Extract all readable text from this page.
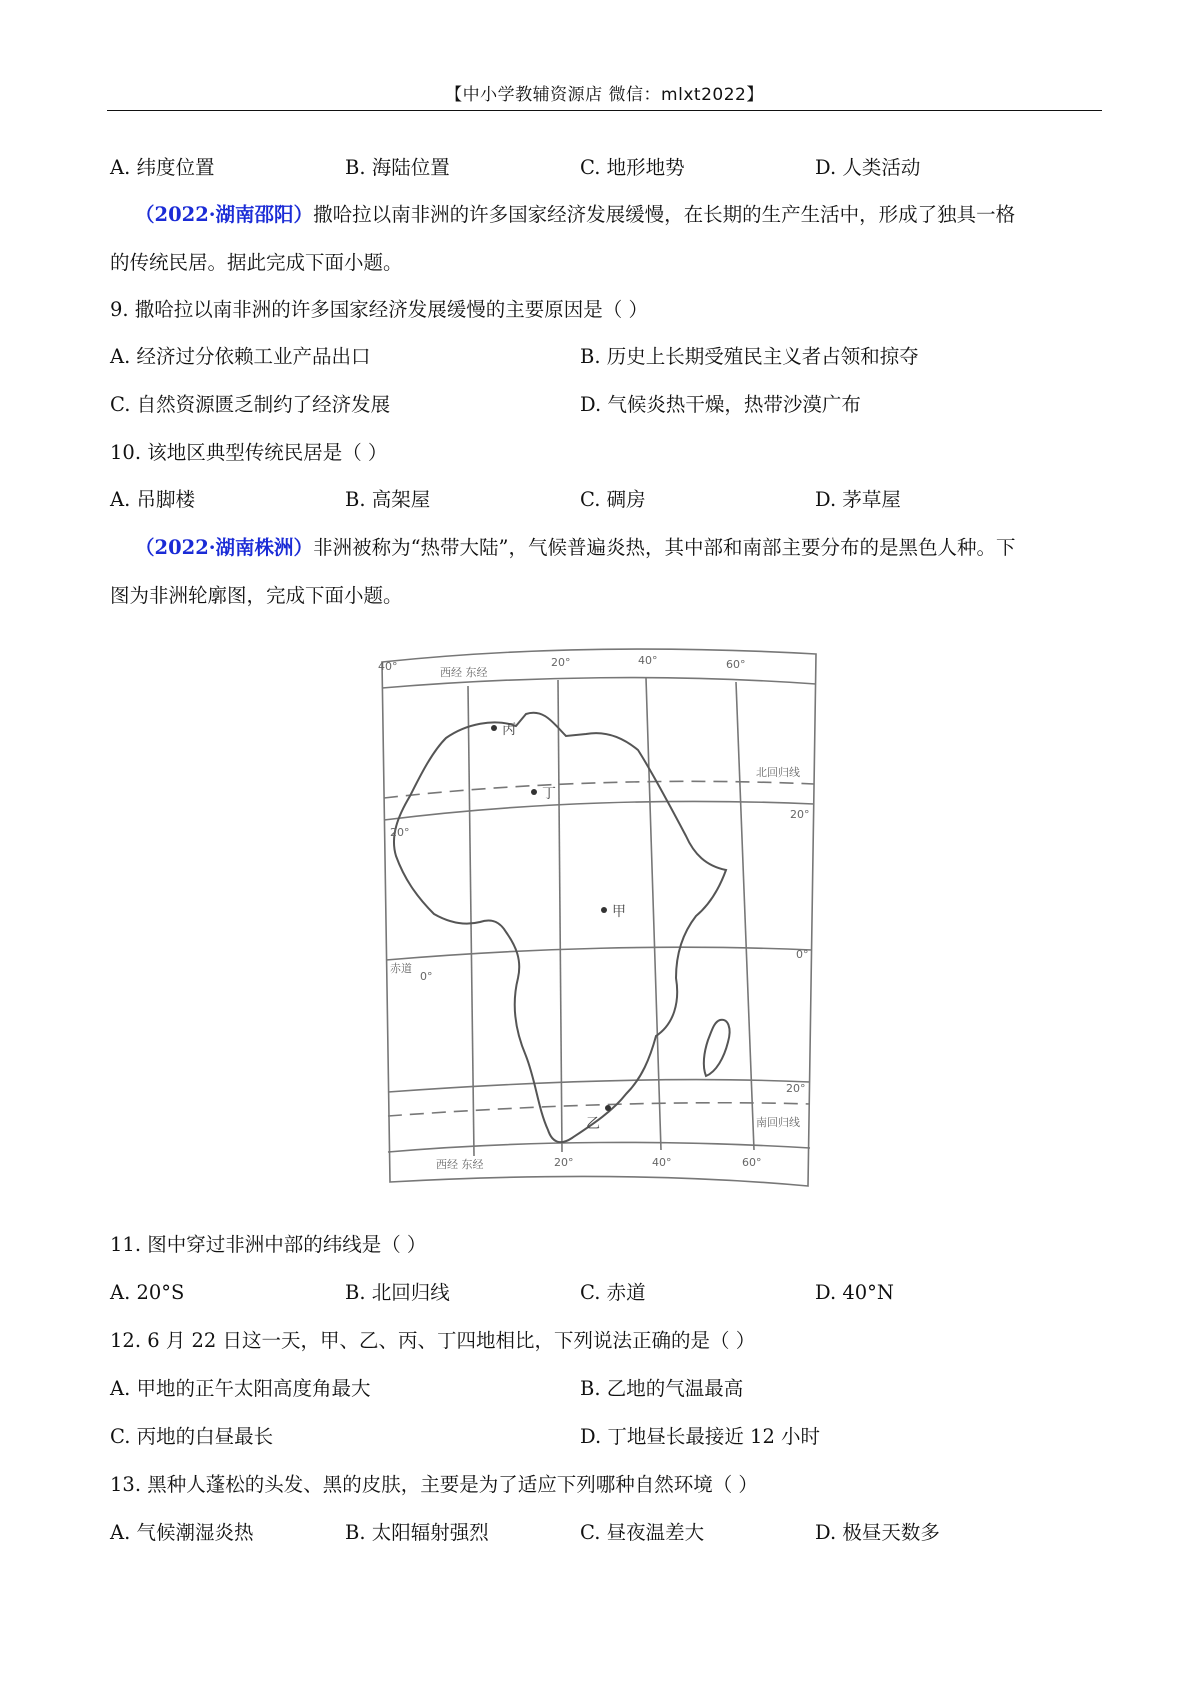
【中小学教辅资源店 微信：mlxt2022】
A. 纬度位置	B. 海陆位置	C. 地形地势	D. 人类活动
（2022·湖南邵阳）撒哈拉以南非洲的许多国家经济发展缓慢，在长期的生产生活中，形成了独具一格
的传统民居。据此完成下面小题。
9. 撒哈拉以南非洲的许多国家经济发展缓慢的主要原因是（ ）
A. 经济过分依赖工业产品出口	B. 历史上长期受殖民主义者占领和掠夺
C. 自然资源匮乏制约了经济发展	D. 气候炎热干燥，热带沙漠广布
10. 该地区典型传统民居是（ ）
A. 吊脚楼	B. 高架屋	C. 碉房	D. 茅草屋
（2022·湖南株洲）非洲被称为“热带大陆”，气候普遍炎热，其中部和南部主要分布的是黑色人种。下
图为非洲轮廓图，完成下面小题。
西经 东经
40°	20°	40°	60°
北回归线
20°
20°
0°
赤道
0°
20°
南回归线
西经 东经	20°	40°	60°
丙
丁
甲
乙
11. 图中穿过非洲中部的纬线是（ ）
A. 20°S	B. 北回归线	C. 赤道	D. 40°N
12. 6 月 22 日这一天，甲、乙、丙、丁四地相比，下列说法正确的是（ ）
A. 甲地的正午太阳高度角最大	B. 乙地的气温最高
C. 丙地的白昼最长	D. 丁地昼长最接近 12 小时
13. 黑种人蓬松的头发、黑的皮肤，主要是为了适应下列哪种自然环境（ ）
A. 气候潮湿炎热	B. 太阳辐射强烈	C. 昼夜温差大	D. 极昼天数多
